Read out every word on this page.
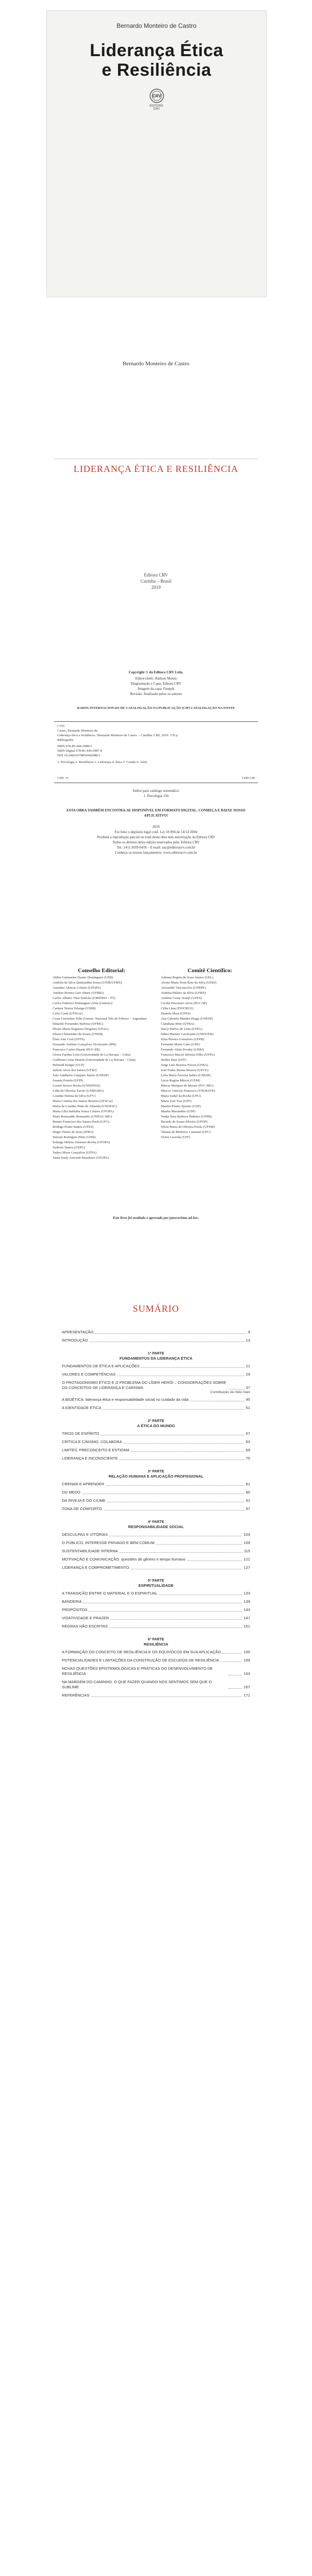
Bernardo Monteiro de Castro
Liderança Ética
e Resiliência
CRV
EDITORA CRV
Bernardo Monteiro de Castro
LIDERANÇA ÉTICA E RESILIÊNCIA
Editora CRV
Curitiba – Brasil
2019
Copyright © da Editora CRV Ltda.
Editor-chefe: Railson Moura
Diagramação e Capa: Editora CRV
Imagem da capa: Freepik
Revisão: Analisado pelos os autores
DADOS INTERNACIONAIS DE CATALOGAÇÃO NA PUBLICAÇÃO (CIP) CATALOGAÇÃO NA FONTE
C355
Castro, Bernardo Monteiro de.
Liderança ética e resiliência / Bernardo Monteiro de Castro. – Curitiba: CRV, 2019. 170 p.
Bibliografia
ISBN 978-85-444-2988-5
ISBN Digital 978-85-444-2987-8
DOI 10.24824/978854442988.5
1. Psicologia 2. Resiliência 3. Liderança 4. Ética 5. Gestão 6. Valor
CDU 15	CDD 158
Índice para catálogo sistemático
1. Psicologia 150
ESTA OBRA TAMBÉM ENCONTRA-SE DISPONÍVEL EM FORMATO DIGITAL. CONHEÇA E BAIXE NOSSO APLICATIVO!
2019
Foi feito o depósito legal conf. Lei 10.994 de 14/12/2004
Proibida a reprodução parcial ou total desta obra sem autorização da Editora CRV
Todos os direitos desta edição reservados pela: Editora CRV
Tel.: (41) 3039-6418 – E-mail: sac@editoracrv.com.br
Conheça os nossos lançamentos: www.editoracrv.com.br
Conselho Editorial:
Aldira Guimarães Duarte Domínguez (UNB)
Andréia da Silva Quintanilha Sousa (UNIR/UFRN)
Anselmo Alencar Colares (UFOPA)
Antônio Pereira Gaio Júnior (UFRRJ)
Carlos Alberto Vilar Estêvão (UMINHO – PT)
Carlos Federico Dominguez Avila (Unieuro)
Carmen Tereza Velanga (UNIR)
Celso Conti (UFSCar)
Cesar Gerónimo Tello (Univer. Nacional Três de Febrero – Argentina)
Eduardo Fernandes Barbosa (UFMG)
Elione Maria Nogueira Diogenes (UFAL)
Elizeu Clementino de Souza (UNEB)
Élsio José Corá (UFFS)
Fernando Antônio Gonçalves Alcoforado (IPB)
Francisco Carlos Duarte (PUC-PR)
Gloria Fariñas León (Universidade de La Havana – Cuba)
Guillermo Arias Beatón (Universidade de La Havana – Cuba)
Helmuth Krüger (UCP)
Jailson Alves dos Santos (UFRJ)
João Adalberto Campato Junior (UNESP)
Josania Portela (UFPI)
Leonel Severo Rocha (UNISINOS)
Lídia de Oliveira Xavier (UNIEURO)
Lourdes Helena da Silva (UFV)
Maria Cristina dos Santos Bezerra (UFSCar)
Maria de Lourdes Pinto de Almeida (UNOESC)
Maria Lília Imbiriba Sousa Colares (UFOPA)
Paulo Romualdo Hernandes (UNIFAL-MG)
Renato Francisco dos Santos Paula (UFG)
Rodrigo Pratte-Santos (UFES)
Sérgio Nunes de Jesus (IFRO)
Simone Rodrigues Pinto (UNB)
Solange Helena Ximenes-Rocha (UFOPA)
Sydione Santos (UEPG)
Tadeu Oliver Gonçalves (UFPA)
Tania Suely Azevedo Brasileiro (UFOPA)
Comitê Científico:
Adriana Regina de Jesus Santos (UEL)
Alcina Maria Testa Braz da Silva (UERJ)
Alexandre Vasconcelos (UFRPE)
Andréia Hilário da Silva (UFRN)
Antônio Cezar Araújo (UFES)
Cecília Pescatore Alves (PUC-SP)
Célia Lima (FIOCRUZ)
Daniela Mara (UFES)
Ana Gabriela Mendes Braga (UNESP)
Claudiana Brito (UFBA)
Dacyr Barros de Lima (UFPA)
Ednei Martins Cavalcante (UNINTER)
Elisa Pereira Gonsalves (UFPB)
Fernanda Maria Caíto (USP)
Fernando Altair Pocahy (UERJ)
Francisco Maciel Silveira Filho (UFPA)
Helder Dias (UFF)
Jorge Luiz Bezerra Nóvoa (UFBA)
José Eudes Baima Bezerra (UECE)
Leila Maria Ferreira Salles (UNESP)
Lúcia Regina Mércio (UEM)
Márcia Marques de Morais (PUC-MG)
Marcos Vinicius Francisco (UNOESTE)
Maria Isabel da Rocha (UFU)
Maria José Tozi (UFF)
Marilia Pontes Sposito (USP)
Martha Marandino (USP)
Nadja Nara Barbosa Pinheiro (UFPR)
Ricardo de Souza Silveira (UFOP)
Silvia Maria de Oliveira Pavão (UFSM)
Tatiana de Medeiros Canziani (UFC)
Victor Lacerda (UFF)
Este livro foi avaliado e aprovado por pareceristas ad hoc.
SUMÁRIO
APRESENTAÇÃO	9
INTRODUÇÃO	13
1ª PARTE
FUNDAMENTOS DA LIDERANÇA ÉTICA
FUNDAMENTOS DE ÉTICA E APLICAÇÕES	21
VALORES E COMPETÊNCIAS	29
O PROTAGONISMO ÉTICO E O PROBLEMA DO LÍDER HERÓI – CONSIDERAÇÕES SOBRE OS CONCEITOS DE LIDERANÇA E CARISMA	37
Contribuição de Hélio Nani
A BIOÉTICA: liderança ética e responsabilidade social no cuidado da vida	45
A IDENTIDADE ÉTICA	51
2ª PARTE
A ÉTICA DO MUNDO
TIROS DE ESPÍRITO	57
CRÍTICA E CINISMO, COLABORA	63
LIMITES, PRECONCEITO E ESTIGMA	69
LIDERANÇA E INCONSCIENTE	75
3ª PARTE
RELAÇÃO HUMANA E APLICAÇÃO PROFISSIONAL
CRENAR E APRENDER	81
DO MEDO	85
DA INVEJA E DO CIÚME	91
ZONA DE CONFORTO	97
4ª PARTE
RESPONSABILIDADE SOCIAL
DESCULPAS E VITÓRIAS	103
O PÚBLICO, INTERESSE PRIVADO E BEM COMUM	109
SUSTENTABILIDADE INTERNA	115
MOTIVAÇÃO E COMUNICAÇÃO: questões de gênero e tempo humano	121
LIDERANÇA E COMPROMETIMENTO	127
5ª PARTE
ESPIRITUALIDADE
A TRANSIÇÃO ENTRE O MATERIAL E O ESPIRITUAL	133
BANDEIRA	139
PROPÓSITOS	143
VIDATIVIDADE E PRAZER	147
REGRAS NÃO ESCRITAS	151
6ª PARTE
RESILIÊNCIA
A FORMAÇÃO DO CONCEITO DE RESILIÊNCIA E OS EQUÍVOCOS EM SUA APLICAÇÃO	155
POTENCIALIDADES E LIMITAÇÕES DA CONSTRUÇÃO DE ESCUDOS DE RESILIÊNCIA	159
NOVAS QUESTÕES EPISTEMOLÓGICAS E PRÁTICAS DO DESENVOLVIMENTO DE RESILIÊNCIA	163
NA MARGEM DO CAMINHO. O QUE FAZER QUANDO NOS SENTIMOS SEM QUE O SUBLIME	167
REFERÊNCIAS	171
